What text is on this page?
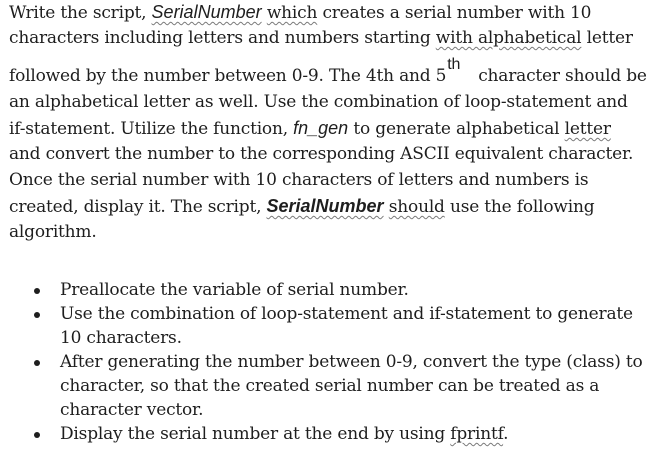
Write the script, SerialNumber which creates a serial number with 10
characters including letters and numbers starting with alphabetical letter
followed by the number between 0-9. The 4th and 5thcharacter should be
an alphabetical letter as well. Use the combination of loop-statement and
if-statement. Utilize the function, fn_gen to generate alphabetical letter
and convert the number to the corresponding ASCII equivalent character.
Once the serial number with 10 characters of letters and numbers is
created, display it. The script, SerialNumber should use the following
algorithm.
Preallocate the variable of serial number.
Use the combination of loop-statement and if-statement to generate
10 characters.
After generating the number between 0-9, convert the type (class) to
character, so that the created serial number can be treated as a
character vector.
Display the serial number at the end by using fprintf.
